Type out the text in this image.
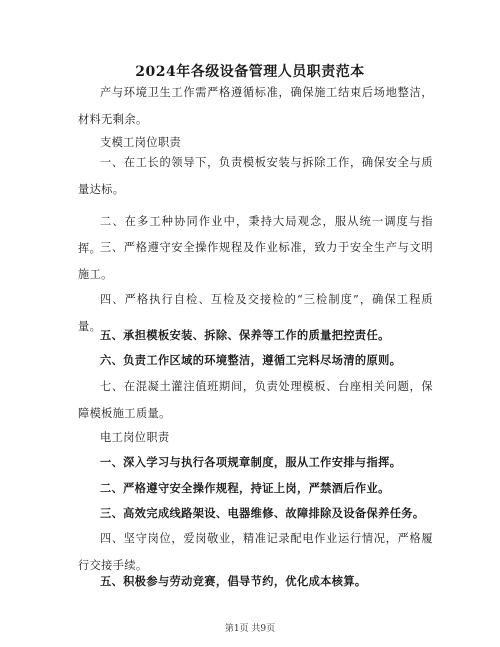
2024年各级设备管理人员职责范本

产与环境卫生工作需严格遵循标准，确保施工结束后场地整洁，材料无剩余。

支模工岗位职责

一、在工长的领导下，负责模板安装与拆除工作，确保安全与质量达标。

二、在多工种协同作业中，秉持大局观念，服从统一调度与指挥。

三、严格遵守安全操作规程及作业标准，致力于安全生产与文明施工。

四、严格执行自检、互检及交接检的“三检制度”，确保工程质量。

五、承担模板安装、拆除、保养等工作的质量把控责任。

六、负责工作区域的环境整洁，遵循工完料尽场清的原则。

七、在混凝土灌注值班期间，负责处理模板、台座相关问题，保障模板施工质量。

电工岗位职责

一、深入学习与执行各项规章制度，服从工作安排与指挥。

二、严格遵守安全操作规程，持证上岗，严禁酒后作业。

三、高效完成线路架设、电器维修、故障排除及设备保养任务。

四、坚守岗位，爱岗敬业，精准记录配电作业运行情况，严格履行交接手续。

五、积极参与劳动竞赛，倡导节约，优化成本核算。

第1页 共9页
